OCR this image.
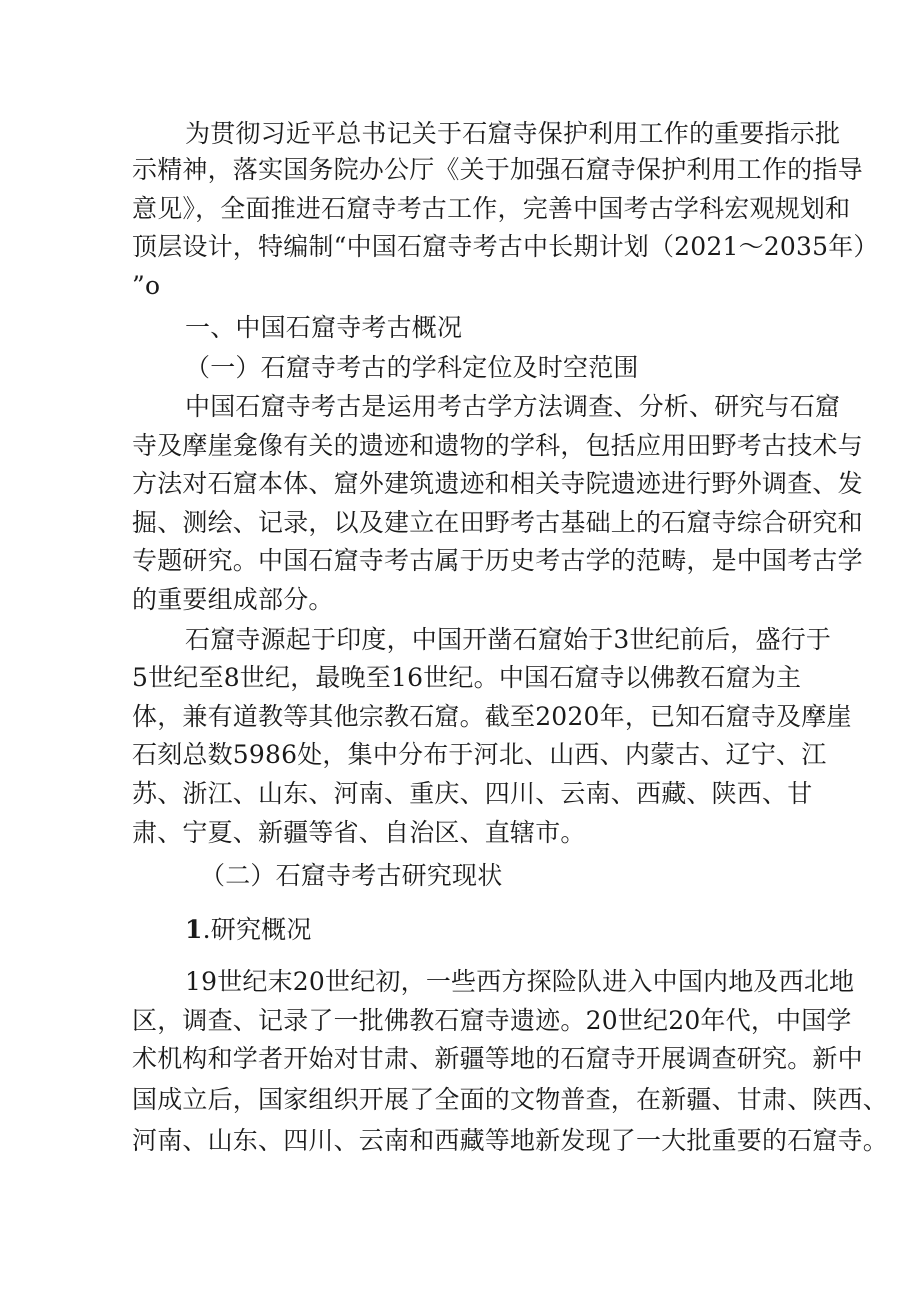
为贯彻习近平总书记关于石窟寺保护利用工作的重要指示批
示精神，落实国务院办公厅《关于加强石窟寺保护利用工作的指导
意见》，全面推进石窟寺考古工作，完善中国考古学科宏观规划和
顶层设计，特编制“中国石窟寺考古中长期计划（2021～2035年）
”o
一、中国石窟寺考古概况
（一）石窟寺考古的学科定位及时空范围
中国石窟寺考古是运用考古学方法调查、分析、研究与石窟
寺及摩崖龛像有关的遗迹和遗物的学科，包括应用田野考古技术与
方法对石窟本体、窟外建筑遗迹和相关寺院遗迹进行野外调查、发
掘、测绘、记录，以及建立在田野考古基础上的石窟寺综合研究和
专题研究。中国石窟寺考古属于历史考古学的范畴，是中国考古学
的重要组成部分。
石窟寺源起于印度，中国开凿石窟始于3世纪前后，盛行于
5世纪至8世纪，最晚至16世纪。中国石窟寺以佛教石窟为主
体，兼有道教等其他宗教石窟。截至2020年，已知石窟寺及摩崖
石刻总数5986处，集中分布于河北、山西、内蒙古、辽宁、江
苏、浙江、山东、河南、重庆、四川、云南、西藏、陕西、甘
肃、宁夏、新疆等省、自治区、直辖市。
（二）石窟寺考古研究现状
1.研究概况
19世纪末20世纪初，一些西方探险队进入中国内地及西北地
区，调查、记录了一批佛教石窟寺遗迹。20世纪20年代，中国学
术机构和学者开始对甘肃、新疆等地的石窟寺开展调查研究。新中
国成立后，国家组织开展了全面的文物普查，在新疆、甘肃、陕西、
河南、山东、四川、云南和西藏等地新发现了一大批重要的石窟寺。
